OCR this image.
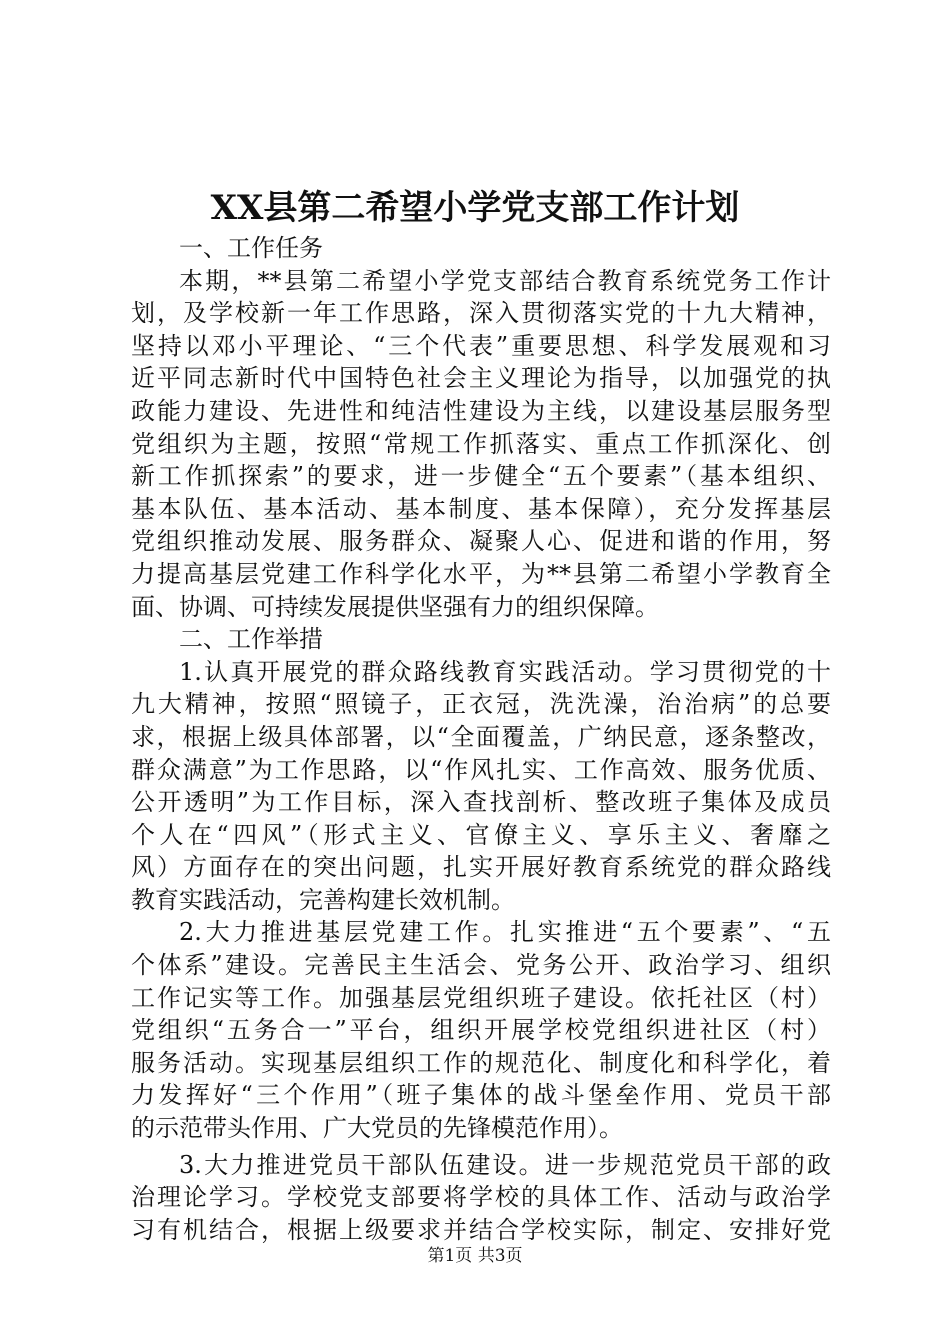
XX县第二希望小学党支部工作计划
一、工作任务
本期，**县第二希望小学党支部结合教育系统党务工作计
划，及学校新一年工作思路，深入贯彻落实党的十九大精神，
坚持以邓小平理论、“三个代表”重要思想、科学发展观和习
近平同志新时代中国特色社会主义理论为指导，以加强党的执
政能力建设、先进性和纯洁性建设为主线，以建设基层服务型
党组织为主题，按照“常规工作抓落实、重点工作抓深化、创
新工作抓探索”的要求，进一步健全“五个要素”（基本组织、
基本队伍、基本活动、基本制度、基本保障），充分发挥基层
党组织推动发展、服务群众、凝聚人心、促进和谐的作用，努
力提高基层党建工作科学化水平，为**县第二希望小学教育全
面、协调、可持续发展提供坚强有力的组织保障。
二、工作举措
1.认真开展党的群众路线教育实践活动。学习贯彻党的十
九大精神，按照“照镜子，正衣冠，洗洗澡，治治病”的总要
求，根据上级具体部署，以“全面覆盖，广纳民意，逐条整改，
群众满意”为工作思路，以“作风扎实、工作高效、服务优质、
公开透明”为工作目标，深入查找剖析、整改班子集体及成员
个人在“四风”（形式主义、官僚主义、享乐主义、奢靡之
风）方面存在的突出问题，扎实开展好教育系统党的群众路线
教育实践活动，完善构建长效机制。
2.大力推进基层党建工作。扎实推进“五个要素”、“五
个体系”建设。完善民主生活会、党务公开、政治学习、组织
工作记实等工作。加强基层党组织班子建设。依托社区（村）
党组织“五务合一”平台，组织开展学校党组织进社区（村）
服务活动。实现基层组织工作的规范化、制度化和科学化，着
力发挥好“三个作用”（班子集体的战斗堡垒作用、党员干部
的示范带头作用、广大党员的先锋模范作用）。
3.大力推进党员干部队伍建设。进一步规范党员干部的政
治理论学习。学校党支部要将学校的具体工作、活动与政治学
习有机结合，根据上级要求并结合学校实际，制定、安排好党
第1页 共3页
